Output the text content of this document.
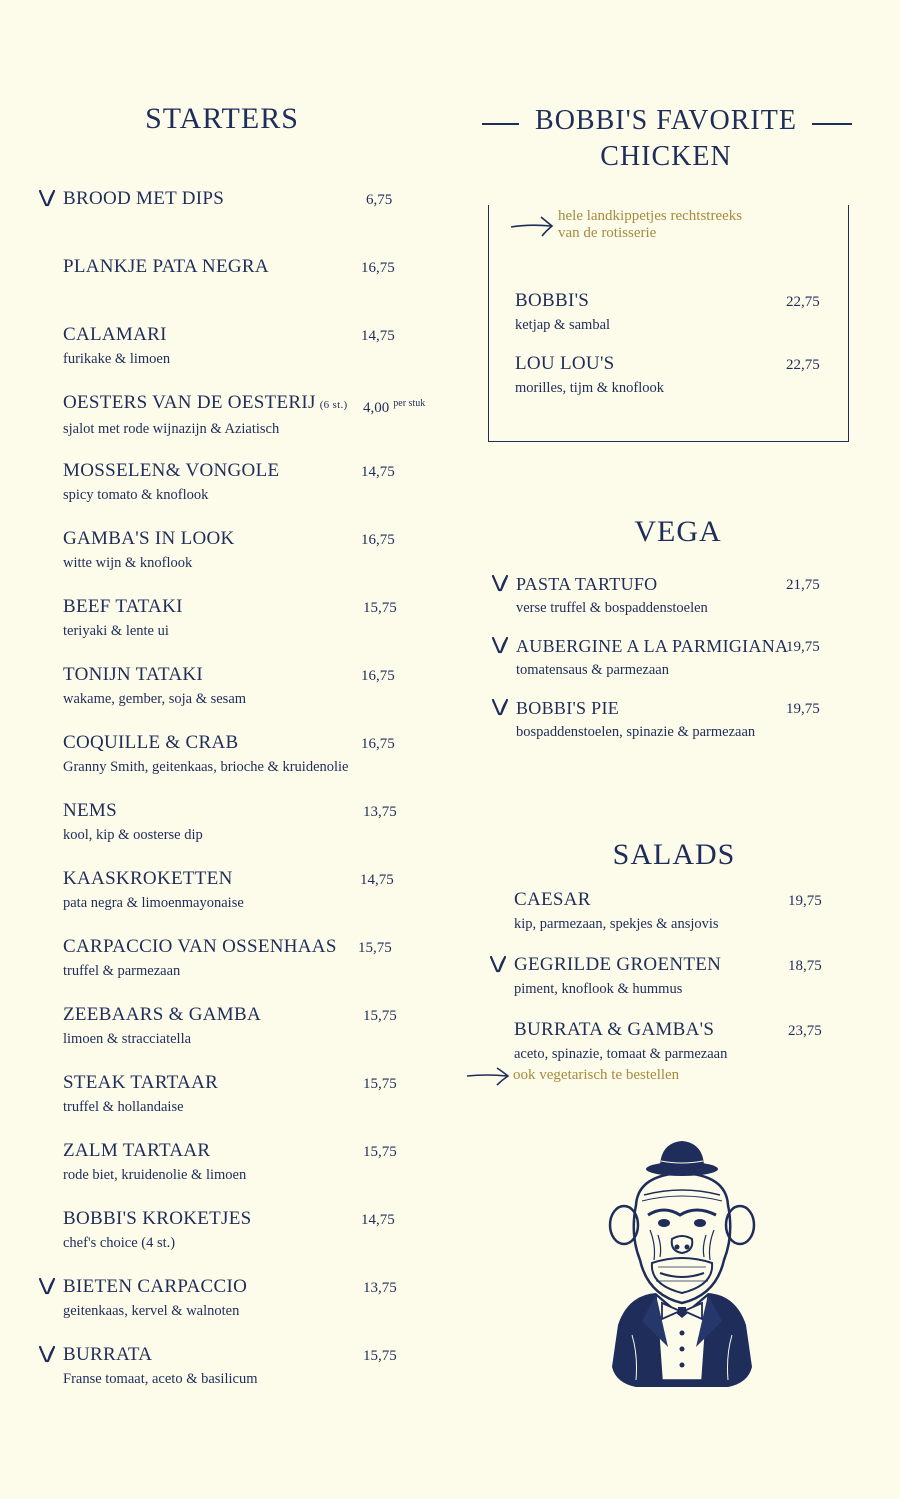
STARTERS
BROOD MET DIPS	6,75
PLANKJE PATA NEGRA	16,75
CALAMARI
furikake & limoen
14,75
OESTERS VAN DE OESTERIJ (6 st.)
sjalot met rode wijnazijn & Aziatisch
4,00 $^{per stuk}$
MOSSELEN& VONGOLE
spicy tomato & knoflook
14,75
GAMBA'S IN LOOK
witte wijn & knoflook
16,75
BEEF TATAKI
teriyaki & lente ui
15,75
TONIJN TATAKI
wakame, gember, soja & sesam
16,75
COQUILLE & CRAB
Granny Smith, geitenkaas, brioche & kruidenolie
16,75
NEMS
kool, kip & oosterse dip
13,75
KAASKROKETTEN
pata negra & limoenmayonaise
14,75
CARPACCIO VAN OSSENHAAS
truffel & parmezaan
15,75
ZEEBAARS & GAMBA
limoen & stracciatella
15,75
STEAK TARTAAR
truffel & hollandaise
15,75
ZALM TARTAAR
rode biet, kruidenolie & limoen
15,75
BOBBI'S KROKETJES
chef's choice (4 st.)
14,75
BIETEN CARPACCIO
geitenkaas, kervel & walnoten
13,75
BURRATA
Franse tomaat, aceto & basilicum
15,75
BOBBI'S FAVORITE
CHICKEN
hele landkippetjes rechtstreeks
van de rotisserie
BOBBI'S
ketjap & sambal
22,75
LOU LOU'S
morilles, tijm & knoflook
22,75
VEGA
PASTA TARTUFO
verse truffel & bospaddenstoelen
21,75
AUBERGINE A LA PARMIGIANA
tomatensaus & parmezaan
19,75
BOBBI'S PIE
bospaddenstoelen, spinazie & parmezaan
19,75
SALADS
CAESAR
kip, parmezaan, spekjes & ansjovis
19,75
GEGRILDE GROENTEN
piment, knoflook & hummus
18,75
BURRATA & GAMBA'S
aceto, spinazie, tomaat & parmezaan
23,75
ook vegetarisch te bestellen
